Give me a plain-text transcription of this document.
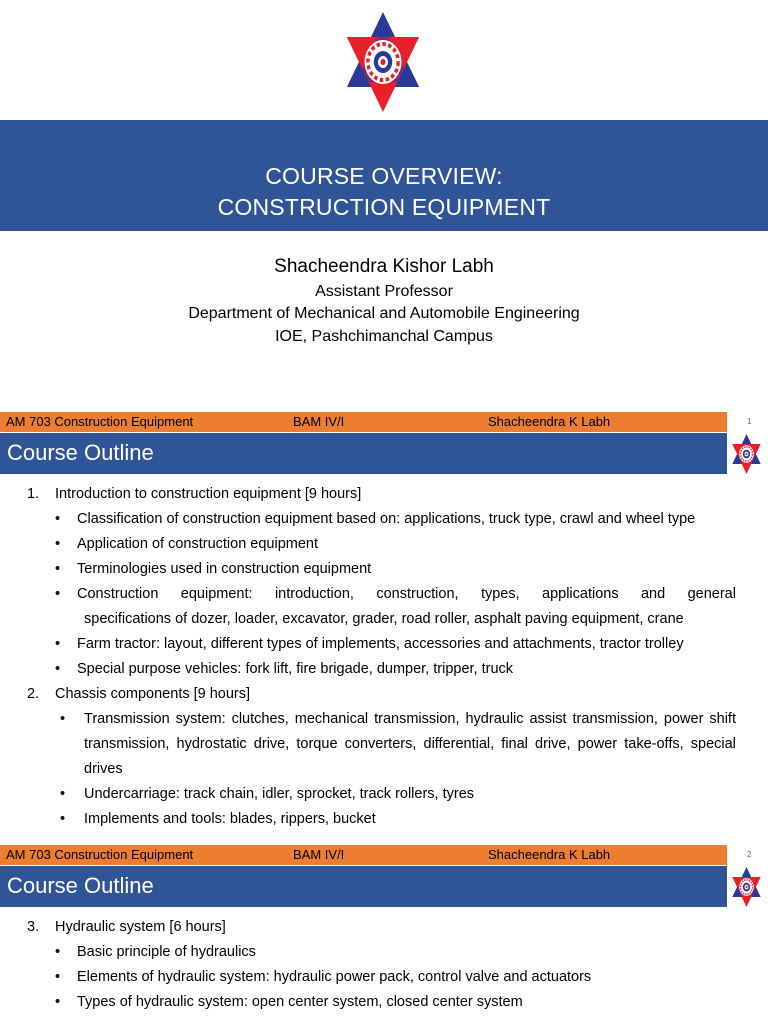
COURSE OVERVIEW:
CONSTRUCTION EQUIPMENT
Shacheendra Kishor Labh
Assistant Professor
Department of Mechanical and Automobile Engineering
IOE, Pashchimanchal Campus
AM 703 Construction Equipment	BAM IV/I	Shacheendra K Labh	1
Course Outline
1. Introduction to construction equipment [9 hours]
• Classification of construction equipment based on: applications, truck type, crawl and wheel type
• Application of construction equipment
• Terminologies used in construction equipment
• Construction equipment: introduction, construction, types, applications and general
specifications of dozer, loader, excavator, grader, road roller, asphalt paving equipment, crane
• Farm tractor: layout, different types of implements, accessories and attachments, tractor trolley
• Special purpose vehicles: fork lift, fire brigade, dumper, tripper, truck
2. Chassis components [9 hours]
• Transmission system: clutches, mechanical transmission, hydraulic assist transmission, power shift
transmission, hydrostatic drive, torque converters, differential, final drive, power take-offs, special
drives
• Undercarriage: track chain, idler, sprocket, track rollers, tyres
• Implements and tools: blades, rippers, bucket
AM 703 Construction Equipment	BAM IV/I	Shacheendra K Labh	2
Course Outline
3. Hydraulic system [6 hours]
• Basic principle of hydraulics
• Elements of hydraulic system: hydraulic power pack, control valve and actuators
• Types of hydraulic system: open center system, closed center system
